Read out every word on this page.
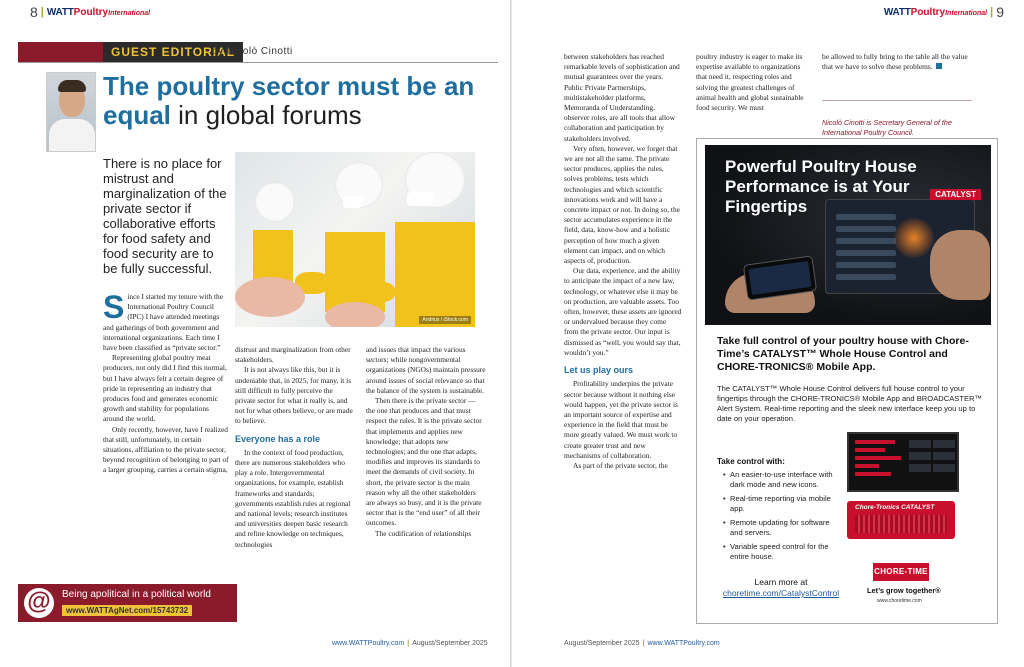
8 | WATTPoultryInternational
GUEST EDITORIAL
by Nicolò Cinotti
The poultry sector must be an equal in global forums
There is no place for mistrust and marginalization of the private sector if collaborative efforts for food safety and food security are to be fully successful.
Andrius / iStock.com

Since I started my tenure with the International Poultry Council (IPC) I have attended meetings and gatherings of both government and international organizations. Each time I have been classified as “private sector.”

Representing global poultry meat producers, not only did I find this normal, but I have always felt a certain degree of pride in representing an industry that produces food and generates economic growth and stability for populations around the world.

Only recently, however, have I realized that still, unfortunately, in certain situations, affiliation to the private sector, beyond recognition of belonging to part of a larger grouping, carries a certain stigma,

distrust and marginalization from other stakeholders.

It is not always like this, but it is undeniable that, in 2025, for many, it is still difficult to fully perceive the private sector for what it really is, and not for what others believe, or are made to believe.

Everyone has a role

In the context of food production, there are numerous stakeholders who play a role. Intergovernmental organizations, for example, establish frameworks and standards; governments establish rules at regional and national levels; research institutes and universities deepen basic research and refine knowledge on techniques, technologies

and issues that impact the various sectors; while nongovernmental organizations (NGOs) maintain pressure around issues of social relevance so that the balance of the system is sustainable.

Then there is the private sector — the one that produces and that must respect the rules. It is the private sector that implements and applies new knowledge; that adopts new technologies; and the one that adapts, modifies and improves its standards to meet the demands of civil society. In short, the private sector is the main reason why all the other stakeholders are always so busy, and it is the private sector that is the “end user” of all their outcomes.

The codification of relationships

@	Being apolitical in a political world
www.WATTAgNet.com/15743732
www.WATTPoultry.com | August/September 2025
WATTPoultryInternational | 9

between stakeholders has reached remarkable levels of sophistication and mutual guarantees over the years. Public Private Partnerships, multistakeholder platforms, Memoranda of Understanding, observer roles, are all tools that allow collaboration and participation by stakeholders involved.

Very often, however, we forget that we are not all the same. The private sector produces, applies the rules, solves problems, tests which technologies and which scientific innovations work and will have a concrete impact or not. In doing so, the sector accumulates experience in the field, data, know-how and a holistic perception of how much a given element can impact, and on which aspects of, production.

Our data, experience, and the ability to anticipate the impact of a new law, technology, or whatever else it may be on production, are valuable assets. Too often, however, these assets are ignored or undervalued because they come from the private sector. Our input is dismissed as “well, you would say that, wouldn’t you.”

Let us play ours

Profitability underpins the private sector because without it nothing else would happen, yet the private sector is an important source of expertise and experience in the field that must be more greatly valued. We must work to create greater trust and new mechanisms of collaboration.

As part of the private sector, the

poultry industry is eager to make its expertise available to organizations that need it, respecting roles and solving the greatest challenges of animal health and global sustainable food security. We must

be allowed to fully bring to the table all the value that we have to solve these problems.

Nicolò Cinotti is Secretary General of the International Poultry Council.
CATALYST
Powerful Poultry House Performance is at Your Fingertips
Take full control of your poultry house with Chore-Time’s CATALYST™ Whole House Control and CHORE-TRONICS® Mobile App.
The CATALYST™ Whole House Control delivers full house control to your fingertips through the CHORE-TRONICS® Mobile App and BROADCASTER™ Alert System. Real-time reporting and the sleek new interface keep you up to date on your operation.
Take control with:
• An easier-to-use interface with dark mode and new icons.
• Real-time reporting via mobile app.
• Remote updating for software and servers.
• Variable speed control for the entire house.
Chore-Tronics CATALYST
Learn more at
choretime.com/CatalystControl
CHORE-TIME
Let’s grow together®
www.choretime.com
August/September 2025 | www.WATTPoultry.com
